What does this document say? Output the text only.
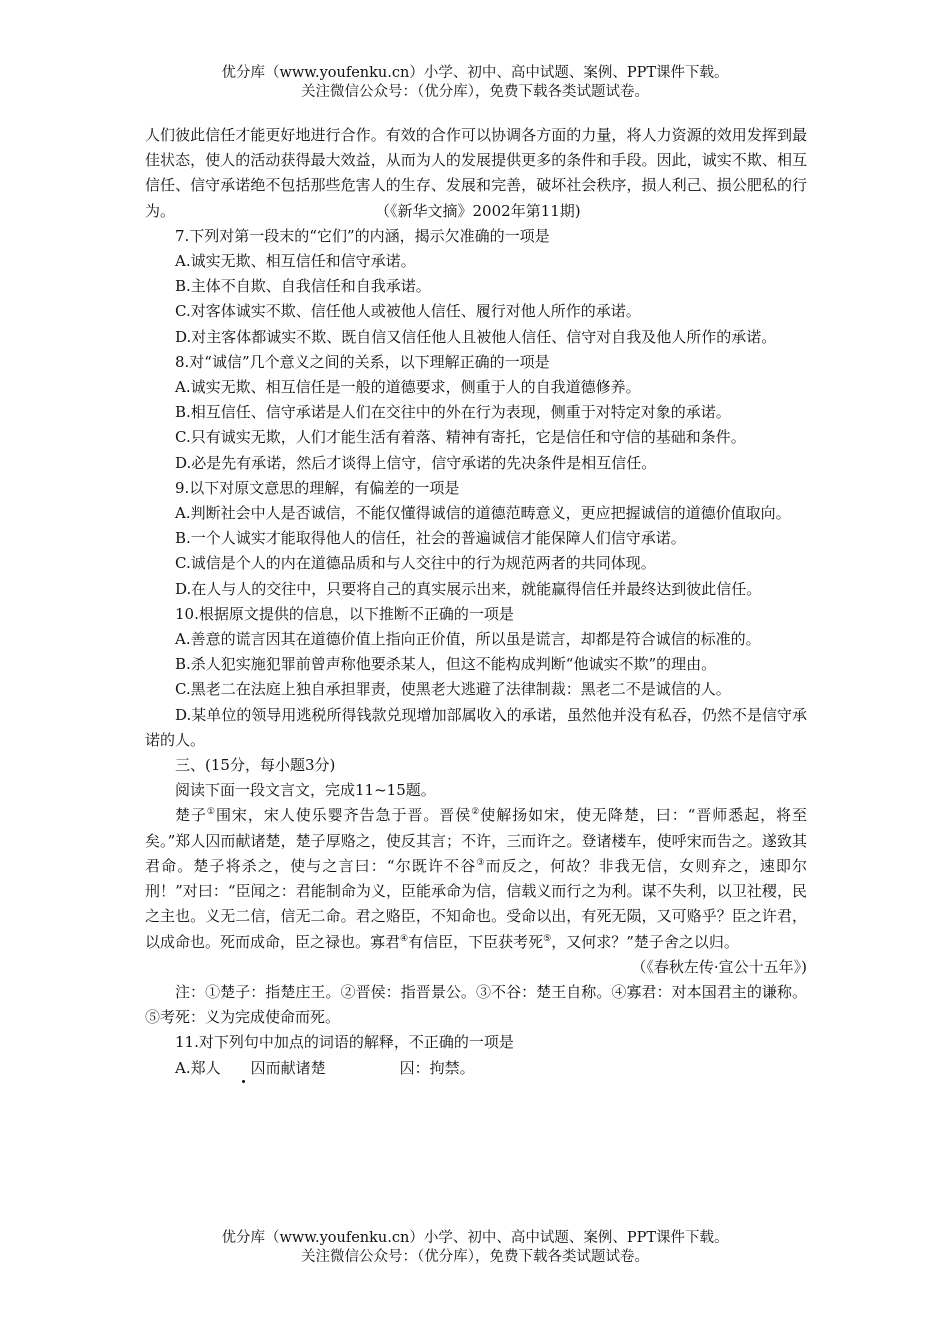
优分库（www.youfenku.cn）小学、初中、高中试题、案例、PPT课件下载。
关注微信公众号：（优分库），免费下载各类试题试卷。

人们彼此信任才能更好地进行合作。有效的合作可以协调各方面的力量，将人力资源的效用发挥到最佳状态，使人的活动获得最大效益，从而为人的发展提供更多的条件和手段。因此，诚实不欺、相互信任、信守承诺绝不包括那些危害人的生存、发展和完善，破坏社会秩序，损人利己、损公肥私的行为。	（《新华文摘》2002年第11期)

7.下列对第一段末的“它们”的内涵，揭示欠准确的一项是

A.诚实无欺、相互信任和信守承诺。

B.主体不自欺、自我信任和自我承诺。

C.对客体诚实不欺、信任他人或被他人信任、履行对他人所作的承诺。

D.对主客体都诚实不欺、既自信又信任他人且被他人信任、信守对自我及他人所作的承诺。

8.对“诚信”几个意义之间的关系，以下理解正确的一项是

A.诚实无欺、相互信任是一般的道德要求，侧重于人的自我道德修养。

B.相互信任、信守承诺是人们在交往中的外在行为表现，侧重于对特定对象的承诺。

C.只有诚实无欺，人们才能生活有着落、精神有寄托，它是信任和守信的基础和条件。

D.必是先有承诺，然后才谈得上信守，信守承诺的先决条件是相互信任。

9.以下对原文意思的理解，有偏差的一项是

A.判断社会中人是否诚信，不能仅懂得诚信的道德范畴意义，更应把握诚信的道德价值取向。

B.一个人诚实才能取得他人的信任，社会的普遍诚信才能保障人们信守承诺。

C.诚信是个人的内在道德品质和与人交往中的行为规范两者的共同体现。

D.在人与人的交往中，只要将自己的真实展示出来，就能赢得信任并最终达到彼此信任。

10.根据原文提供的信息，以下推断不正确的一项是

A.善意的谎言因其在道德价值上指向正价值，所以虽是谎言，却都是符合诚信的标准的。

B.杀人犯实施犯罪前曾声称他要杀某人，但这不能构成判断“他诚实不欺”的理由。

C.黑老二在法庭上独自承担罪责，使黑老大逃避了法律制裁：黑老二不是诚信的人。

D.某单位的领导用逃税所得钱款兑现增加部属收入的承诺，虽然他并没有私吞，仍然不是信守承诺的人。

三、(15分，每小题3分)

阅读下面一段文言文，完成11~15题。

楚子①围宋，宋人使乐婴齐告急于晋。晋侯②使解扬如宋，使无降楚，曰：“晋师悉起，将至矣。”郑人囚而献诸楚，楚子厚赂之，使反其言；不许，三而许之。登诸楼车，使呼宋而告之。遂致其君命。楚子将杀之，使与之言曰：“尔既许不谷③而反之，何故？非我无信，女则弃之，速即尔刑！”对曰：“臣闻之：君能制命为义，臣能承命为信，信载义而行之为利。谋不失利，以卫社稷，民之主也。义无二信，信无二命。君之赂臣，不知命也。受命以出，有死无陨，又可赂乎？臣之许君，以成命也。死而成命，臣之禄也。寡君④有信臣，下臣获考死⑤，又何求？”楚子舍之以归。

（《春秋左传·宣公十五年》)

注：①楚子：指楚庄王。②晋侯：指晋景公。③不谷：楚王自称。④寡君：对本国君主的谦称。⑤考死：义为完成使命而死。

11.对下列句中加点的词语的解释，不正确的一项是

A.郑人 囚而献诸楚	囚：拘禁。

优分库（www.youfenku.cn）小学、初中、高中试题、案例、PPT课件下载。
关注微信公众号：（优分库），免费下载各类试题试卷。
